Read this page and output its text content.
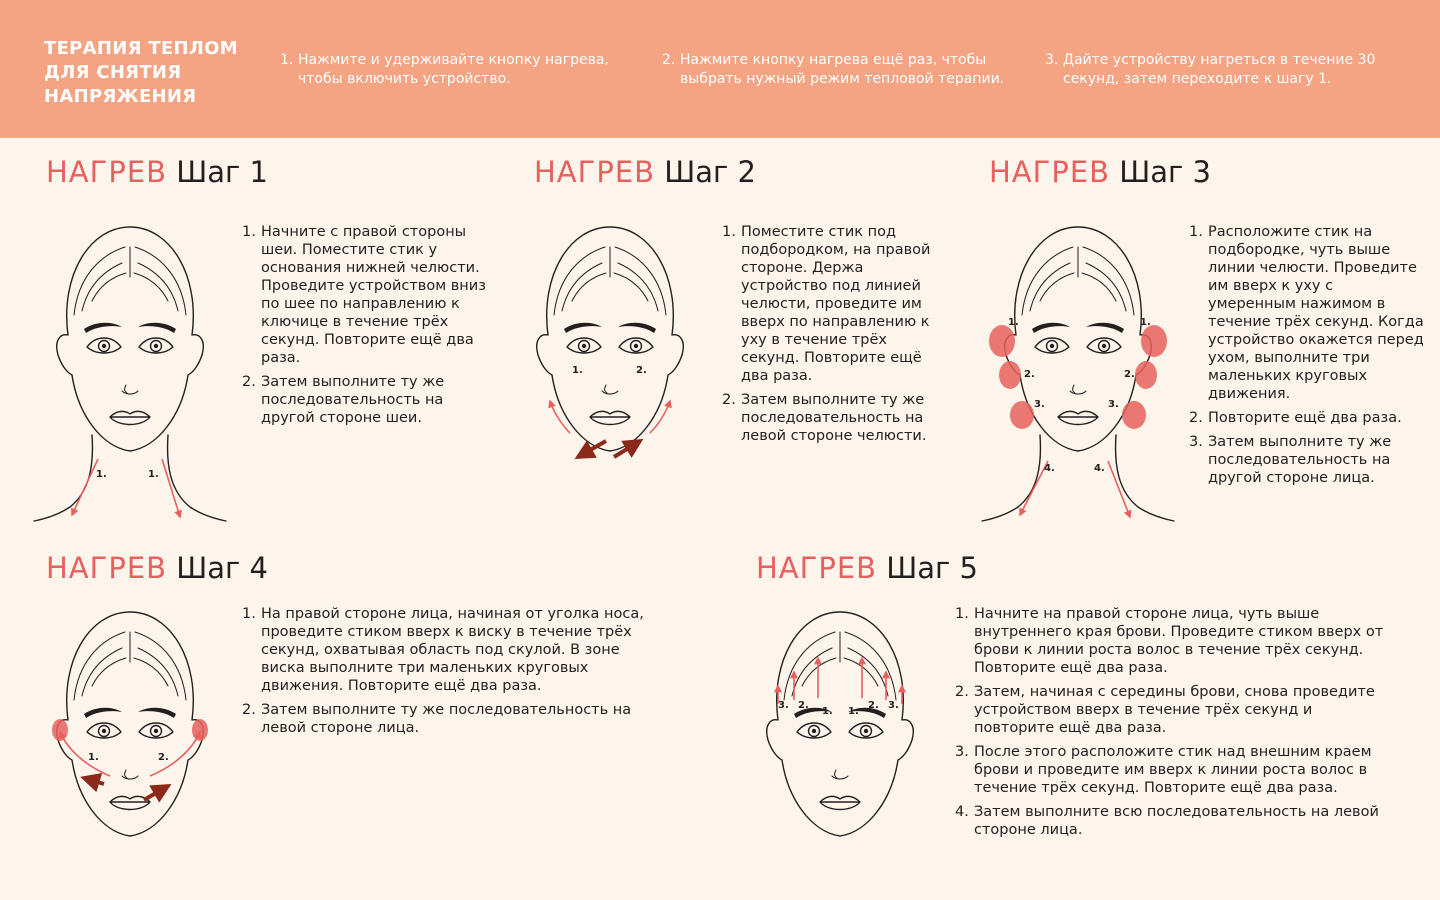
ТЕРАПИЯ ТЕПЛОМ ДЛЯ СНЯТИЯ НАПРЯЖЕНИЯ
1. Нажмите и удерживайте кнопку нагрева, чтобы включить устройство.
2. Нажмите кнопку нагрева ещё раз, чтобы выбрать нужный режим тепловой терапии.
3. Дайте устройству нагреться в течение 30 секунд, затем переходите к шагу 1.
НАГРЕВ Шаг 1	НАГРЕВ Шаг 2	НАГРЕВ Шаг 3
НАГРЕВ Шаг 4	НАГРЕВ Шаг 5
1. Начните с правой стороны шеи. Поместите стик у основания нижней челюсти. Проведите устройством вниз по шее по направлению к ключице в течение трёх секунд. Повторите ещё два раза.
2. Затем выполните ту же последовательность на другой стороне шеи.
1. Поместите стик под подбородком, на правой стороне. Держа устройство под линией челюсти, проведите им вверх по направлению к уху в течение трёх секунд. Повторите ещё два раза.
2. Затем выполните ту же последовательность на левой стороне челюсти.
1. Расположите стик на подбородке, чуть выше линии челюсти. Проведите им вверх к уху с умеренным нажимом в течение трёх секунд. Когда устройство окажется перед ухом, выполните три маленьких круговых движения.
2. Повторите ещё два раза.
3. Затем выполните ту же последовательность на другой стороне лица.
1. На правой стороне лица, начиная от уголка носа, проведите стиком вверх к виску в течение трёх секунд, охватывая область под скулой. В зоне виска выполните три маленьких круговых движения. Повторите ещё два раза.
2. Затем выполните ту же последовательность на левой стороне лица.
1. Начните на правой стороне лица, чуть выше внутреннего края брови. Проведите стиком вверх от брови к линии роста волос в течение трёх секунд. Повторите ещё два раза.
2. Затем, начиная с середины брови, снова проведите устройством вверх в течение трёх секунд и повторите ещё два раза.
3. После этого расположите стик над внешним краем брови и проведите им вверх к линии роста волос в течение трёх секунд. Повторите ещё два раза.
4. Затем выполните всю последовательность на левой стороне лица.
1.	1.
1.	2.
1.	1.
2.	2.
3.	3.
4.	4.
1.	2.
3. 2.
1. 1.
2. 3.
